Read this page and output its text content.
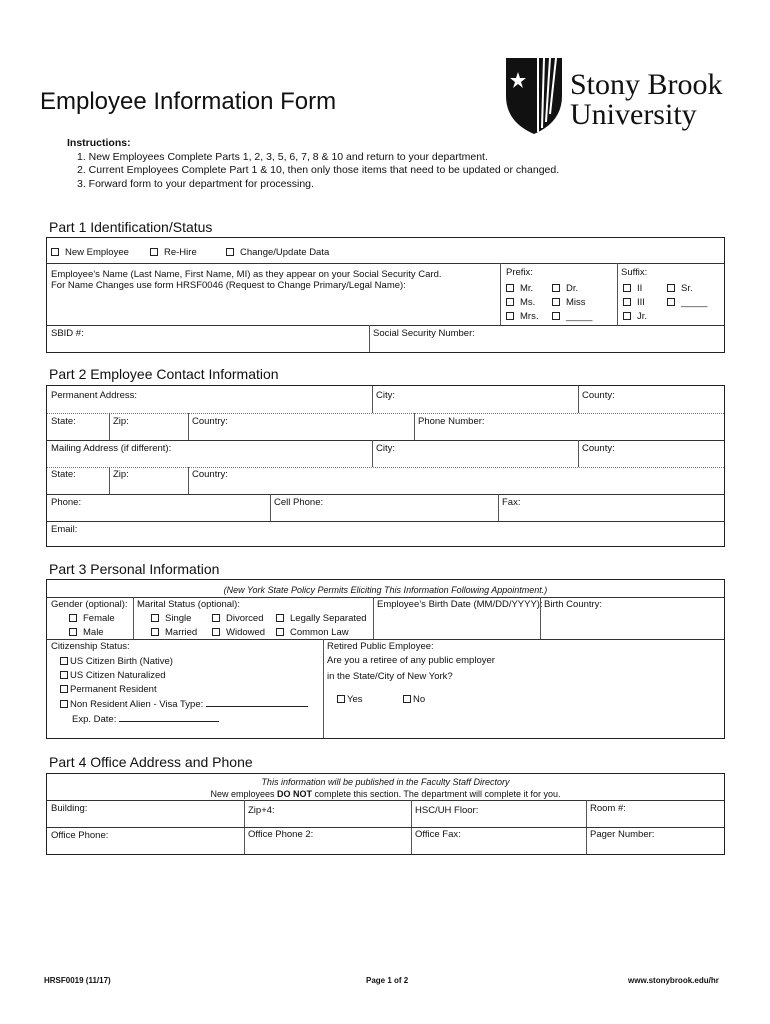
Employee Information Form
Stony Brook
University
Instructions:
1. New Employees Complete Parts 1, 2, 3, 5, 6, 7, 8 & 10 and return to your department.
2. Current Employees Complete Part 1 & 10, then only those items that need to be updated or changed.
3. Forward form to your department for processing.
Part 1 Identification/Status
New Employee	Re-Hire	Change/Update Data
Employee’s Name (Last Name, First Name, MI) as they appear on your Social Security Card.
For Name Changes use form HRSF0046 (Request to Change Primary/Legal Name):
Prefix:
Mr.	Dr.
Ms.	Miss
Mrs.	_____
Suffix:
II	Sr.
III	_____
Jr.
SBID #:	Social Security Number:
Part 2 Employee Contact Information
Permanent Address:	City:	County:
State:	Zip:	Country:	Phone Number:
Mailing Address (if different):	City:	County:
State:	Zip:	Country:
Phone:	Cell Phone:	Fax:
Email:
Part 3 Personal Information
(New York State Policy Permits Eliciting This Information Following Appointment.)
Gender (optional):
Female
Male
Marital Status (optional):
Single	Divorced	Legally Separated
Married	Widowed	Common Law
Employee’s Birth Date (MM/DD/YYYY): Birth Country:
Citizenship Status:
US Citizen Birth (Native)
US Citizen Naturalized
Permanent Resident
Non Resident Alien - Visa Type:
Exp. Date:
Retired Public Employee:
Are you a retiree of any public employer
in the State/City of New York?
Yes	No
Part 4 Office Address and Phone
This information will be published in the Faculty Staff Directory
New employees DO NOT complete this section. The department will complete it for you.
Building:	Zip+4:	HSC/UH Floor:	Room #:
Office Phone:	Office Phone 2:	Office Fax:	Pager Number:
HRSF0019 (11/17)	Page 1 of 2	www.stonybrook.edu/hr
